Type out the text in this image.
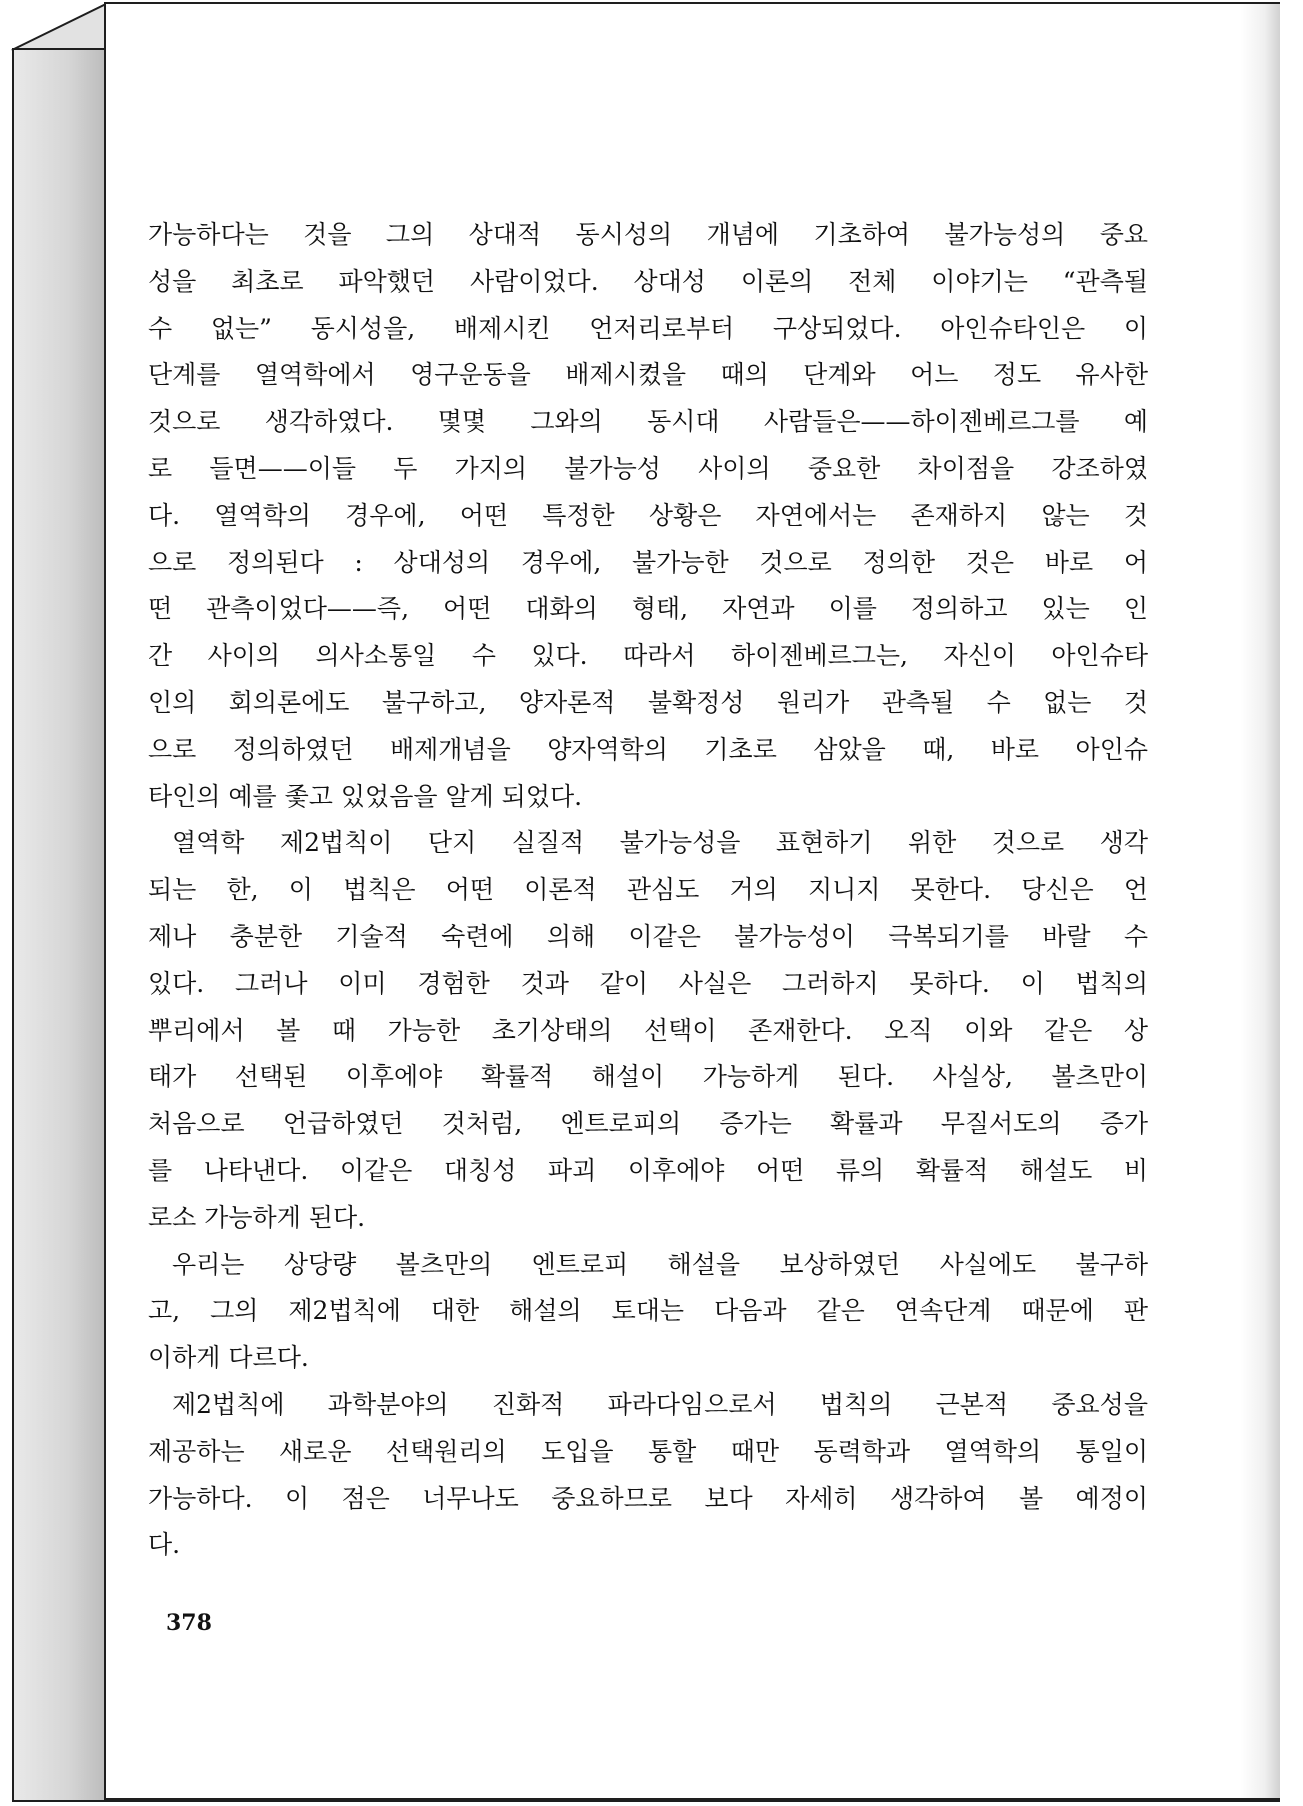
가능하다는 것을 그의 상대적 동시성의 개념에 기초하여 불가능성의 중요
성을 최초로 파악했던 사람이었다. 상대성 이론의 전체 이야기는 “관측될
수 없는” 동시성을, 배제시킨 언저리로부터 구상되었다. 아인슈타인은 이
단계를 열역학에서 영구운동을 배제시켰을 때의 단계와 어느 정도 유사한
것으로 생각하였다. 몇몇 그와의 동시대 사람들은——하이젠베르그를 예
로 들면——이들 두 가지의 불가능성 사이의 중요한 차이점을 강조하였
다. 열역학의 경우에, 어떤 특정한 상황은 자연에서는 존재하지 않는 것
으로 정의된다 : 상대성의 경우에, 불가능한 것으로 정의한 것은 바로 어
떤 관측이었다——즉, 어떤 대화의 형태, 자연과 이를 정의하고 있는 인
간 사이의 의사소통일 수 있다. 따라서 하이젠베르그는, 자신이 아인슈타
인의 회의론에도 불구하고, 양자론적 불확정성 원리가 관측될 수 없는 것
으로 정의하였던 배제개념을 양자역학의 기초로 삼았을 때, 바로 아인슈
타인의 예를 좇고 있었음을 알게 되었다.
열역학 제2법칙이 단지 실질적 불가능성을 표현하기 위한 것으로 생각
되는 한, 이 법칙은 어떤 이론적 관심도 거의 지니지 못한다. 당신은 언
제나 충분한 기술적 숙련에 의해 이같은 불가능성이 극복되기를 바랄 수
있다. 그러나 이미 경험한 것과 같이 사실은 그러하지 못하다. 이 법칙의
뿌리에서 볼 때 가능한 초기상태의 선택이 존재한다. 오직 이와 같은 상
태가 선택된 이후에야 확률적 해설이 가능하게 된다. 사실상, 볼츠만이
처음으로 언급하였던 것처럼, 엔트로피의 증가는 확률과 무질서도의 증가
를 나타낸다. 이같은 대칭성 파괴 이후에야 어떤 류의 확률적 해설도 비
로소 가능하게 된다.
우리는 상당량 볼츠만의 엔트로피 해설을 보상하였던 사실에도 불구하
고, 그의 제2법칙에 대한 해설의 토대는 다음과 같은 연속단계 때문에 판
이하게 다르다.
제2법칙에 과학분야의 진화적 파라다임으로서 법칙의 근본적 중요성을
제공하는 새로운 선택원리의 도입을 통할 때만 동력학과 열역학의 통일이
가능하다. 이 점은 너무나도 중요하므로 보다 자세히 생각하여 볼 예정이
다.
378
